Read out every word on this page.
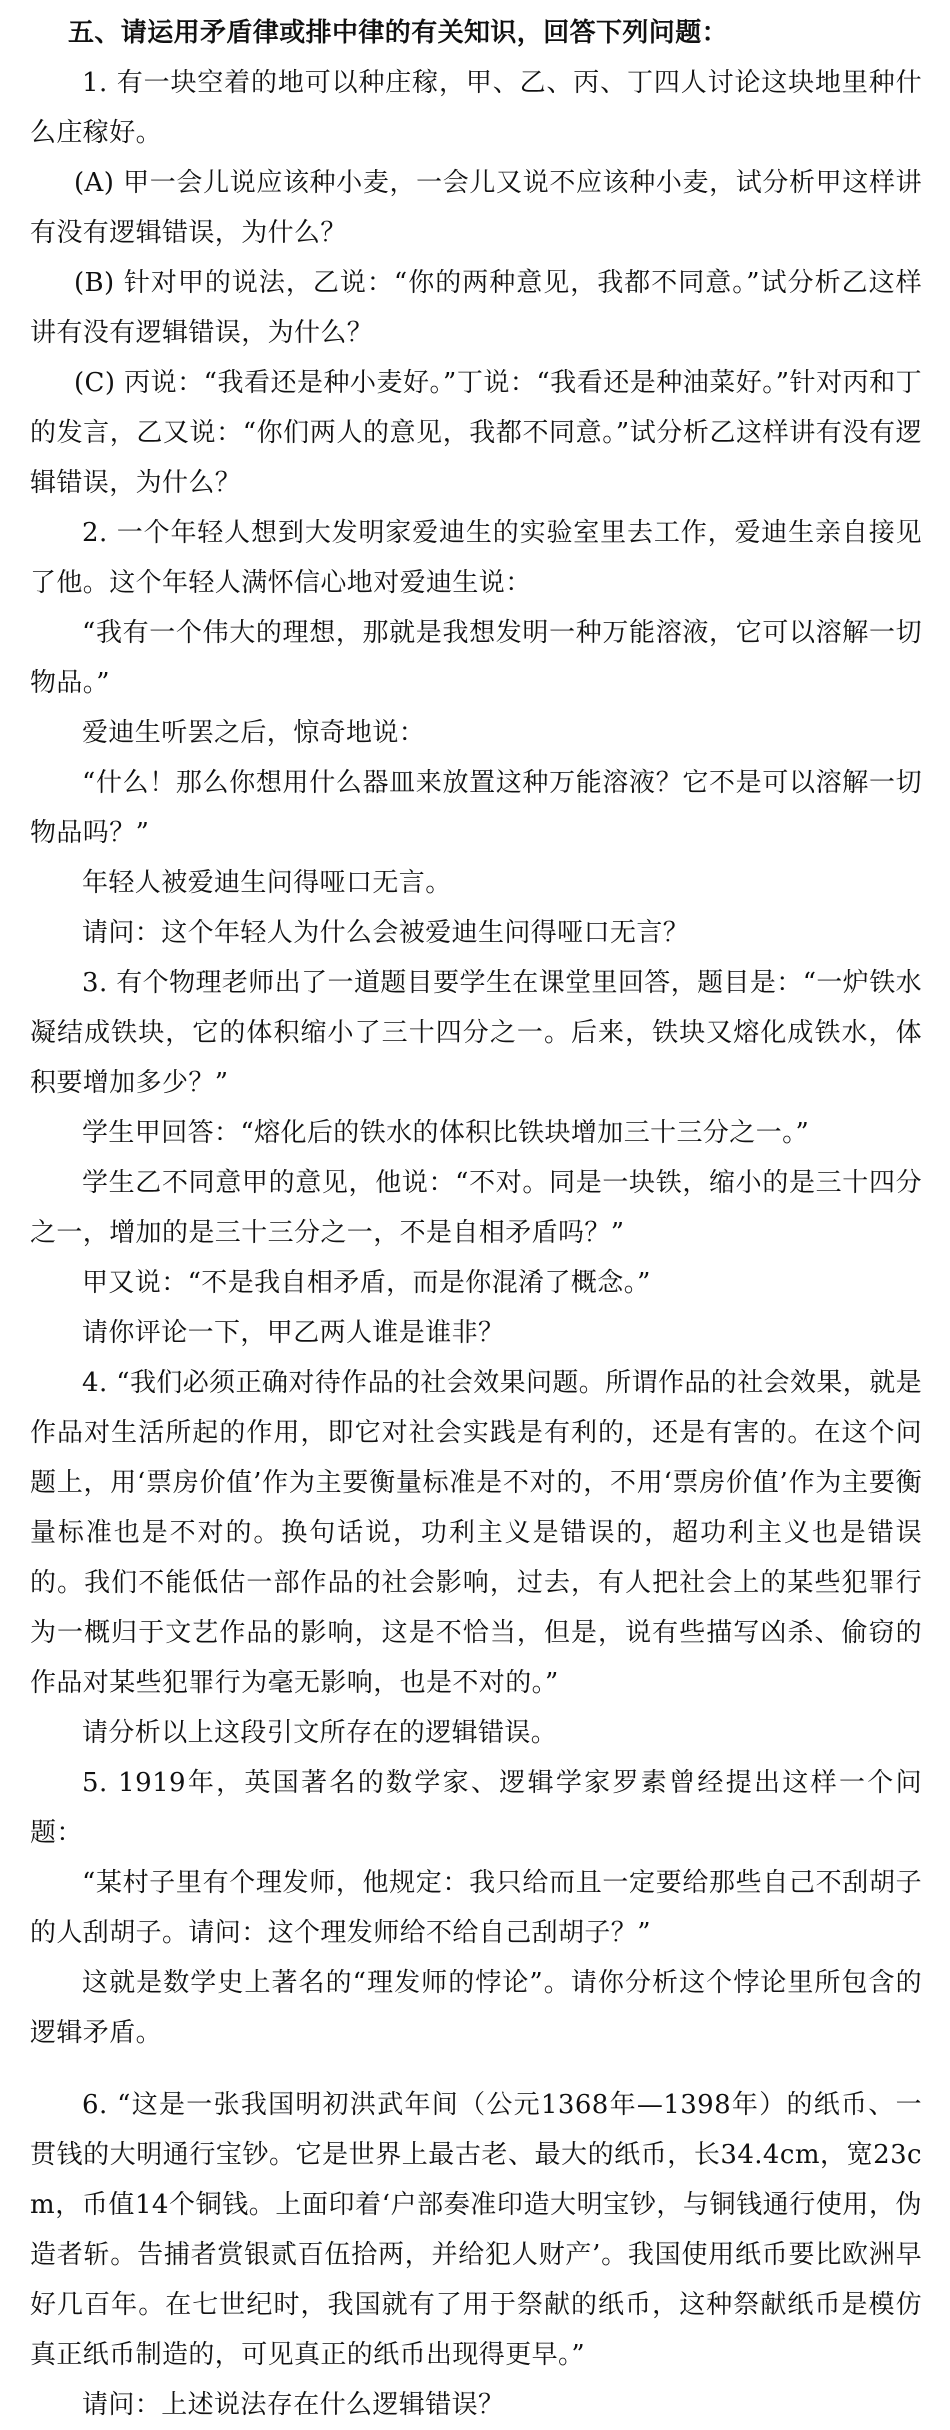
五、请运用矛盾律或排中律的有关知识，回答下列问题：

1. 有一块空着的地可以种庄稼，甲、乙、丙、丁四人讨论这块地里种什么庄稼好。

(A) 甲一会儿说应该种小麦，一会儿又说不应该种小麦，试分析甲这样讲有没有逻辑错误，为什么？

(B) 针对甲的说法，乙说：“你的两种意见，我都不同意。”试分析乙这样讲有没有逻辑错误，为什么？

(C) 丙说：“我看还是种小麦好。”丁说：“我看还是种油菜好。”针对丙和丁的发言，乙又说：“你们两人的意见，我都不同意。”试分析乙这样讲有没有逻辑错误，为什么？

2. 一个年轻人想到大发明家爱迪生的实验室里去工作，爱迪生亲自接见了他。这个年轻人满怀信心地对爱迪生说：

“我有一个伟大的理想，那就是我想发明一种万能溶液，它可以溶解一切物品。”

爱迪生听罢之后，惊奇地说：

“什么！那么你想用什么器皿来放置这种万能溶液？它不是可以溶解一切物品吗？”

年轻人被爱迪生问得哑口无言。

请问：这个年轻人为什么会被爱迪生问得哑口无言？

3. 有个物理老师出了一道题目要学生在课堂里回答，题目是：“一炉铁水凝结成铁块，它的体积缩小了三十四分之一。后来，铁块又熔化成铁水，体积要增加多少？”

学生甲回答：“熔化后的铁水的体积比铁块增加三十三分之一。”

学生乙不同意甲的意见，他说：“不对。同是一块铁，缩小的是三十四分之一，增加的是三十三分之一，不是自相矛盾吗？”

甲又说：“不是我自相矛盾，而是你混淆了概念。”

请你评论一下，甲乙两人谁是谁非？

4. “我们必须正确对待作品的社会效果问题。所谓作品的社会效果，就是作品对生活所起的作用，即它对社会实践是有利的，还是有害的。在这个问题上，用‘票房价值’作为主要衡量标准是不对的，不用‘票房价值’作为主要衡量标准也是不对的。换句话说，功利主义是错误的，超功利主义也是错误的。我们不能低估一部作品的社会影响，过去，有人把社会上的某些犯罪行为一概归于文艺作品的影响，这是不恰当，但是，说有些描写凶杀、偷窃的作品对某些犯罪行为毫无影响，也是不对的。”

请分析以上这段引文所存在的逻辑错误。

5. 1919年，英国著名的数学家、逻辑学家罗素曾经提出这样一个问题：

“某村子里有个理发师，他规定：我只给而且一定要给那些自己不刮胡子的人刮胡子。请问：这个理发师给不给自己刮胡子？”

这就是数学史上著名的“理发师的悖论”。请你分析这个悖论里所包含的逻辑矛盾。

6. “这是一张我国明初洪武年间（公元1368年—1398年）的纸币、一贯钱的大明通行宝钞。它是世界上最古老、最大的纸币，长34.4cm，宽23cm，币值14个铜钱。上面印着‘户部奏准印造大明宝钞，与铜钱通行使用，伪造者斩。告捕者赏银贰百伍拾两，并给犯人财产’。我国使用纸币要比欧洲早好几百年。在七世纪时，我国就有了用于祭献的纸币，这种祭献纸币是模仿真正纸币制造的，可见真正的纸币出现得更早。”

请问：上述说法存在什么逻辑错误？
